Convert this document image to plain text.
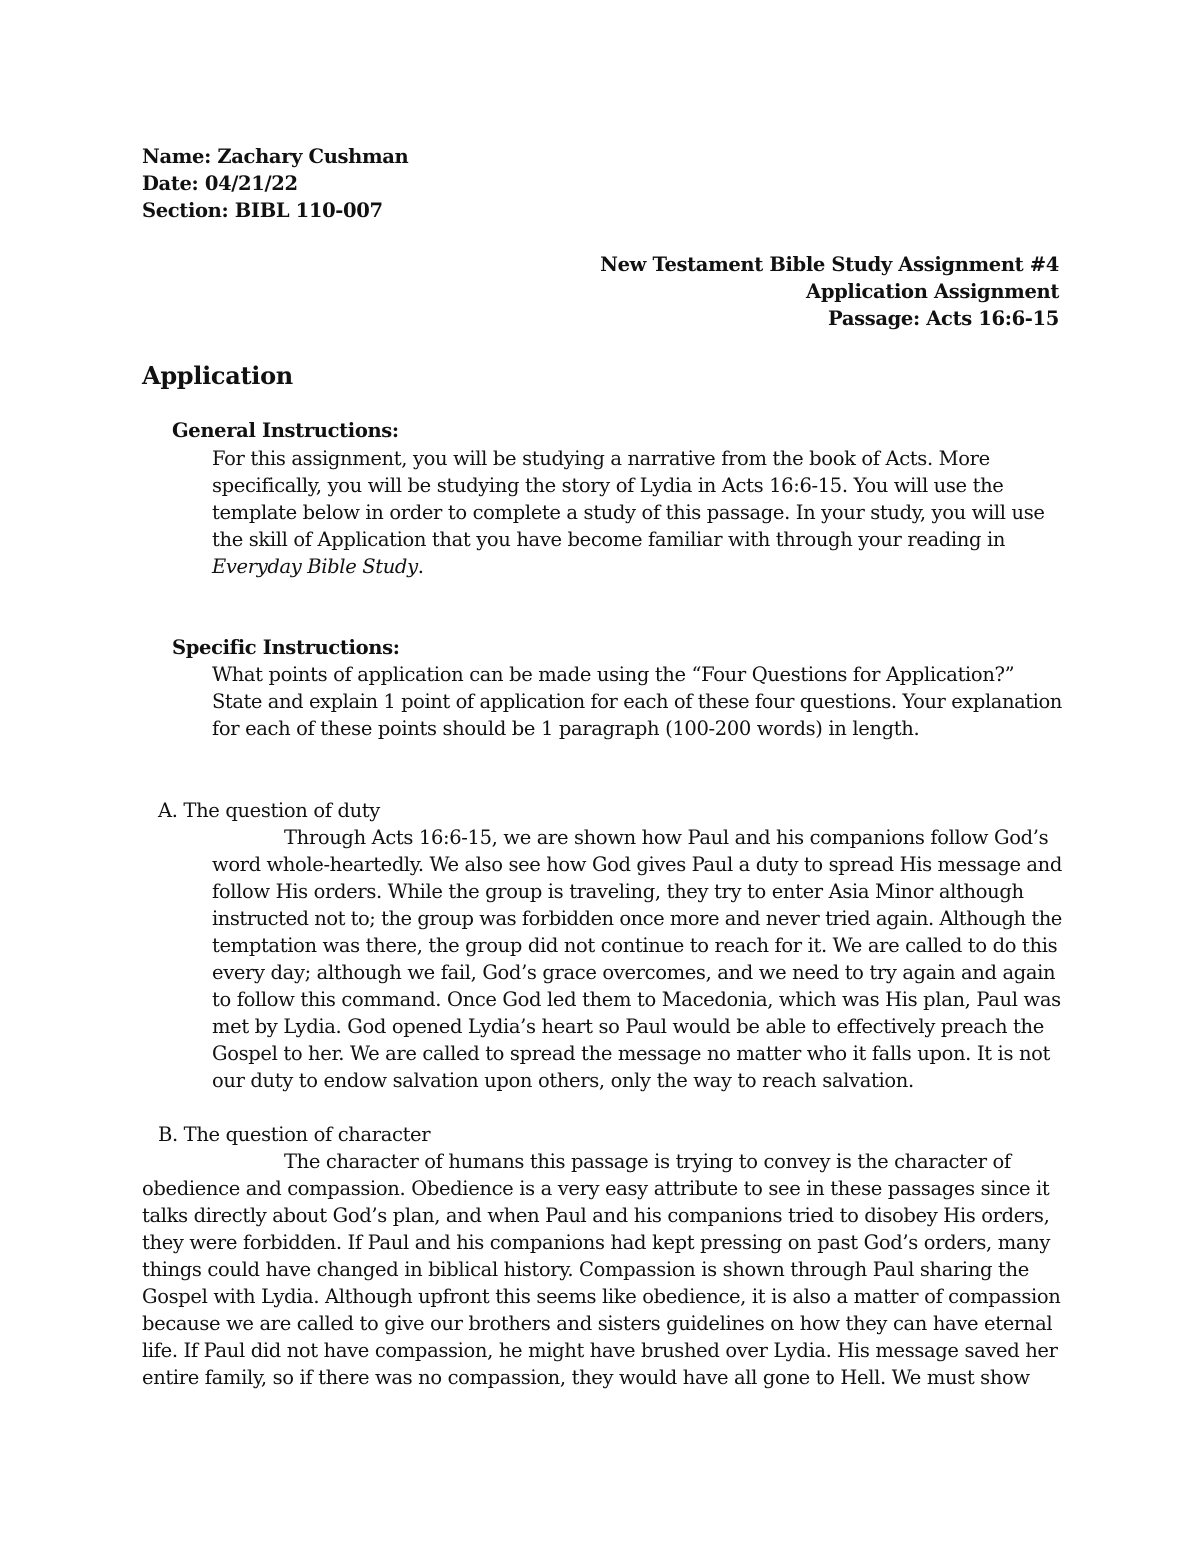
Name: Zachary Cushman
Date: 04/21/22
Section: BIBL 110-007
New Testament Bible Study Assignment #4
Application Assignment
Passage: Acts 16:6-15
Application
General Instructions:
For this assignment, you will be studying a narrative from the book of Acts. More
specifically, you will be studying the story of Lydia in Acts 16:6-15. You will use the
template below in order to complete a study of this passage. In your study, you will use
the skill of Application that you have become familiar with through your reading in
Everyday Bible Study.
Specific Instructions:
What points of application can be made using the “Four Questions for Application?”
State and explain 1 point of application for each of these four questions. Your explanation
for each of these points should be 1 paragraph (100-200 words) in length.
A. The question of duty
Through Acts 16:6-15, we are shown how Paul and his companions follow God’s
word whole-heartedly. We also see how God gives Paul a duty to spread His message and
follow His orders. While the group is traveling, they try to enter Asia Minor although
instructed not to; the group was forbidden once more and never tried again. Although the
temptation was there, the group did not continue to reach for it. We are called to do this
every day; although we fail, God’s grace overcomes, and we need to try again and again
to follow this command. Once God led them to Macedonia, which was His plan, Paul was
met by Lydia. God opened Lydia’s heart so Paul would be able to effectively preach the
Gospel to her. We are called to spread the message no matter who it falls upon. It is not
our duty to endow salvation upon others, only the way to reach salvation.
B. The question of character
The character of humans this passage is trying to convey is the character of
obedience and compassion. Obedience is a very easy attribute to see in these passages since it
talks directly about God’s plan, and when Paul and his companions tried to disobey His orders,
they were forbidden. If Paul and his companions had kept pressing on past God’s orders, many
things could have changed in biblical history. Compassion is shown through Paul sharing the
Gospel with Lydia. Although upfront this seems like obedience, it is also a matter of compassion
because we are called to give our brothers and sisters guidelines on how they can have eternal
life. If Paul did not have compassion, he might have brushed over Lydia. His message saved her
entire family, so if there was no compassion, they would have all gone to Hell. We must show
